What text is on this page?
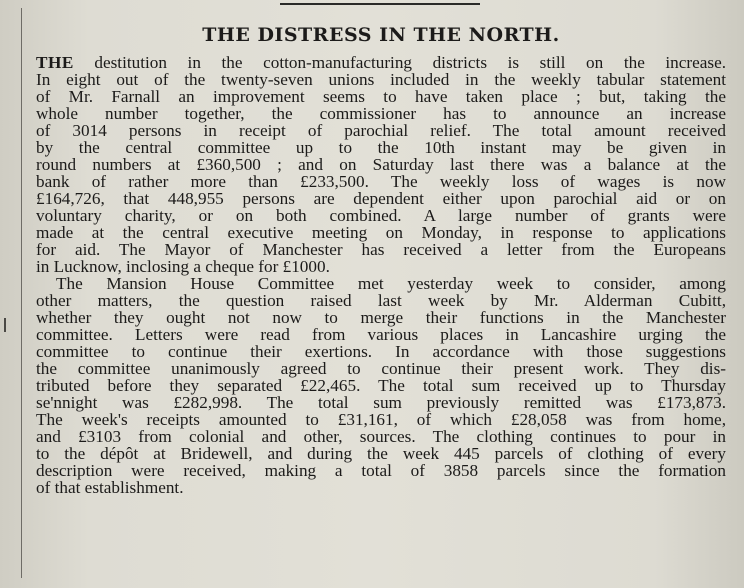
THE DISTRESS IN THE NORTH.
THE destitution in the cotton-manufacturing districts is still on the increase.
In eight out of the twenty-seven unions included in the weekly tabular statement
of Mr. Farnall an improvement seems to have taken place ; but, taking the
whole number together, the commissioner has to announce an increase
of 3014 persons in receipt of parochial relief. The total amount received
by the central committee up to the 10th instant may be given in
round numbers at £360,500 ; and on Saturday last there was a balance at the
bank of rather more than £233,500. The weekly loss of wages is now
£164,726, that 448,955 persons are dependent either upon parochial aid or on
voluntary charity, or on both combined. A large number of grants were
made at the central executive meeting on Monday, in response to applications
for aid. The Mayor of Manchester has received a letter from the Europeans
in Lucknow, inclosing a cheque for £1000.
The Mansion House Committee met yesterday week to consider, among
other matters, the question raised last week by Mr. Alderman Cubitt,
whether they ought not now to merge their functions in the Manchester
committee. Letters were read from various places in Lancashire urging the
committee to continue their exertions. In accordance with those suggestions
the committee unanimously agreed to continue their present work. They dis-
tributed before they separated £22,465. The total sum received up to Thursday
se'nnight was £282,998. The total sum previously remitted was £173,873.
The week's receipts amounted to £31,161, of which £28,058 was from home,
and £3103 from colonial and other, sources. The clothing continues to pour in
to the dépôt at Bridewell, and during the week 445 parcels of clothing of every
description were received, making a total of 3858 parcels since the formation
of that establishment.
